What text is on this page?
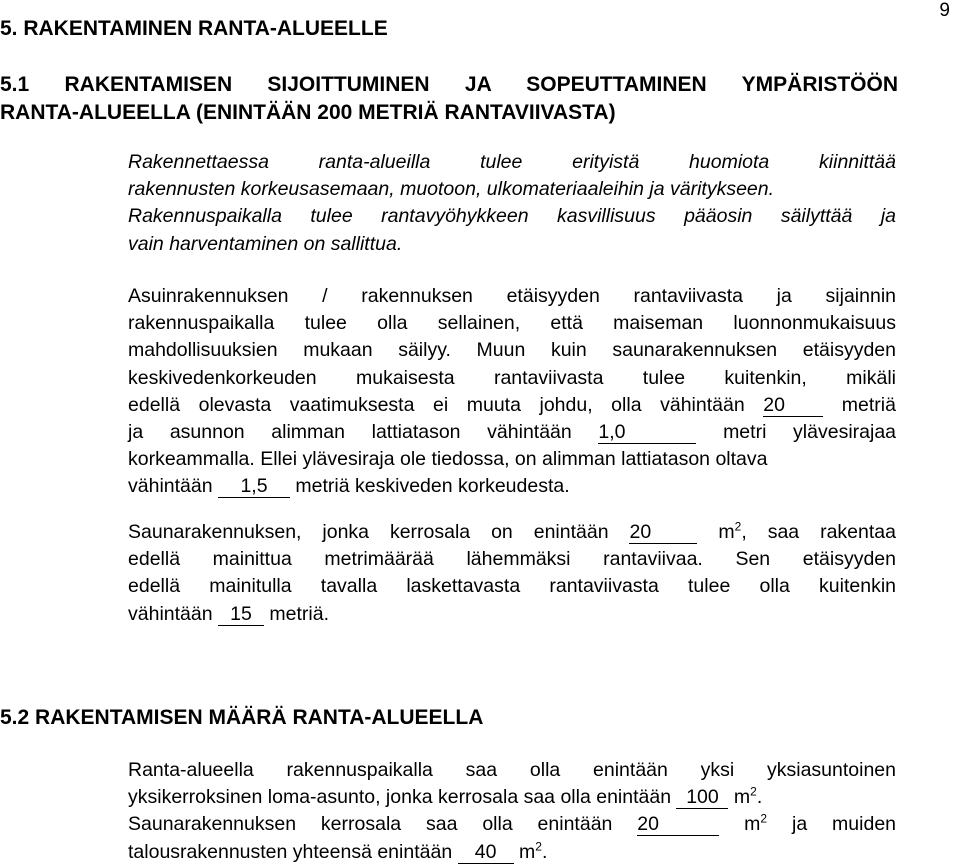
9
5. RAKENTAMINEN RANTA-ALUEELLE
5.1 RAKENTAMISEN SIJOITTUMINEN JA SOPEUTTAMINEN YMPÄRISTÖÖN
RANTA-ALUEELLA (ENINTÄÄN 200 METRIÄ RANTAVIIVASTA)
Rakennettaessa ranta-alueilla tulee erityistä huomiota kiinnittää
rakennusten korkeusasemaan, muotoon, ulkomateriaaleihin ja väritykseen.
Rakennuspaikalla tulee rantavyöhykkeen kasvillisuus pääosin säilyttää ja
vain harventaminen on sallittua.
Asuinrakennuksen / rakennuksen etäisyyden rantaviivasta ja sijainnin
rakennuspaikalla tulee olla sellainen, että maiseman luonnonmukaisuus
mahdollisuuksien mukaan säilyy. Muun kuin saunarakennuksen etäisyyden
keskivedenkorkeuden mukaisesta rantaviivasta tulee kuitenkin, mikäli
edellä olevasta vaatimuksesta ei muuta johdu, olla vähintään 20	metriä
ja asunnon alimman lattiatason vähintään 1,0	metri ylävesirajaa
korkeammalla. Ellei ylävesiraja ole tiedossa, on alimman lattiatason oltava
vähintään 1,5 metriä keskiveden korkeudesta.
Saunarakennuksen, jonka kerrosala on enintään 20	$m^2$, saa rakentaa
edellä mainittua metrimäärää lähemmäksi rantaviivaa. Sen etäisyyden
edellä mainitulla tavalla laskettavasta rantaviivasta tulee olla kuitenkin
vähintään 15 metriä.
5.2 RAKENTAMISEN MÄÄRÄ RANTA-ALUEELLA
Ranta-alueella rakennuspaikalla saa olla enintään yksi yksiasuntoinen
yksikerroksinen loma-asunto, jonka kerrosala saa olla enintään 100 $m^2$.
Saunarakennuksen kerrosala saa olla enintään 20	$m^2$ ja muiden
talousrakennusten yhteensä enintään 40 $m^2$.
